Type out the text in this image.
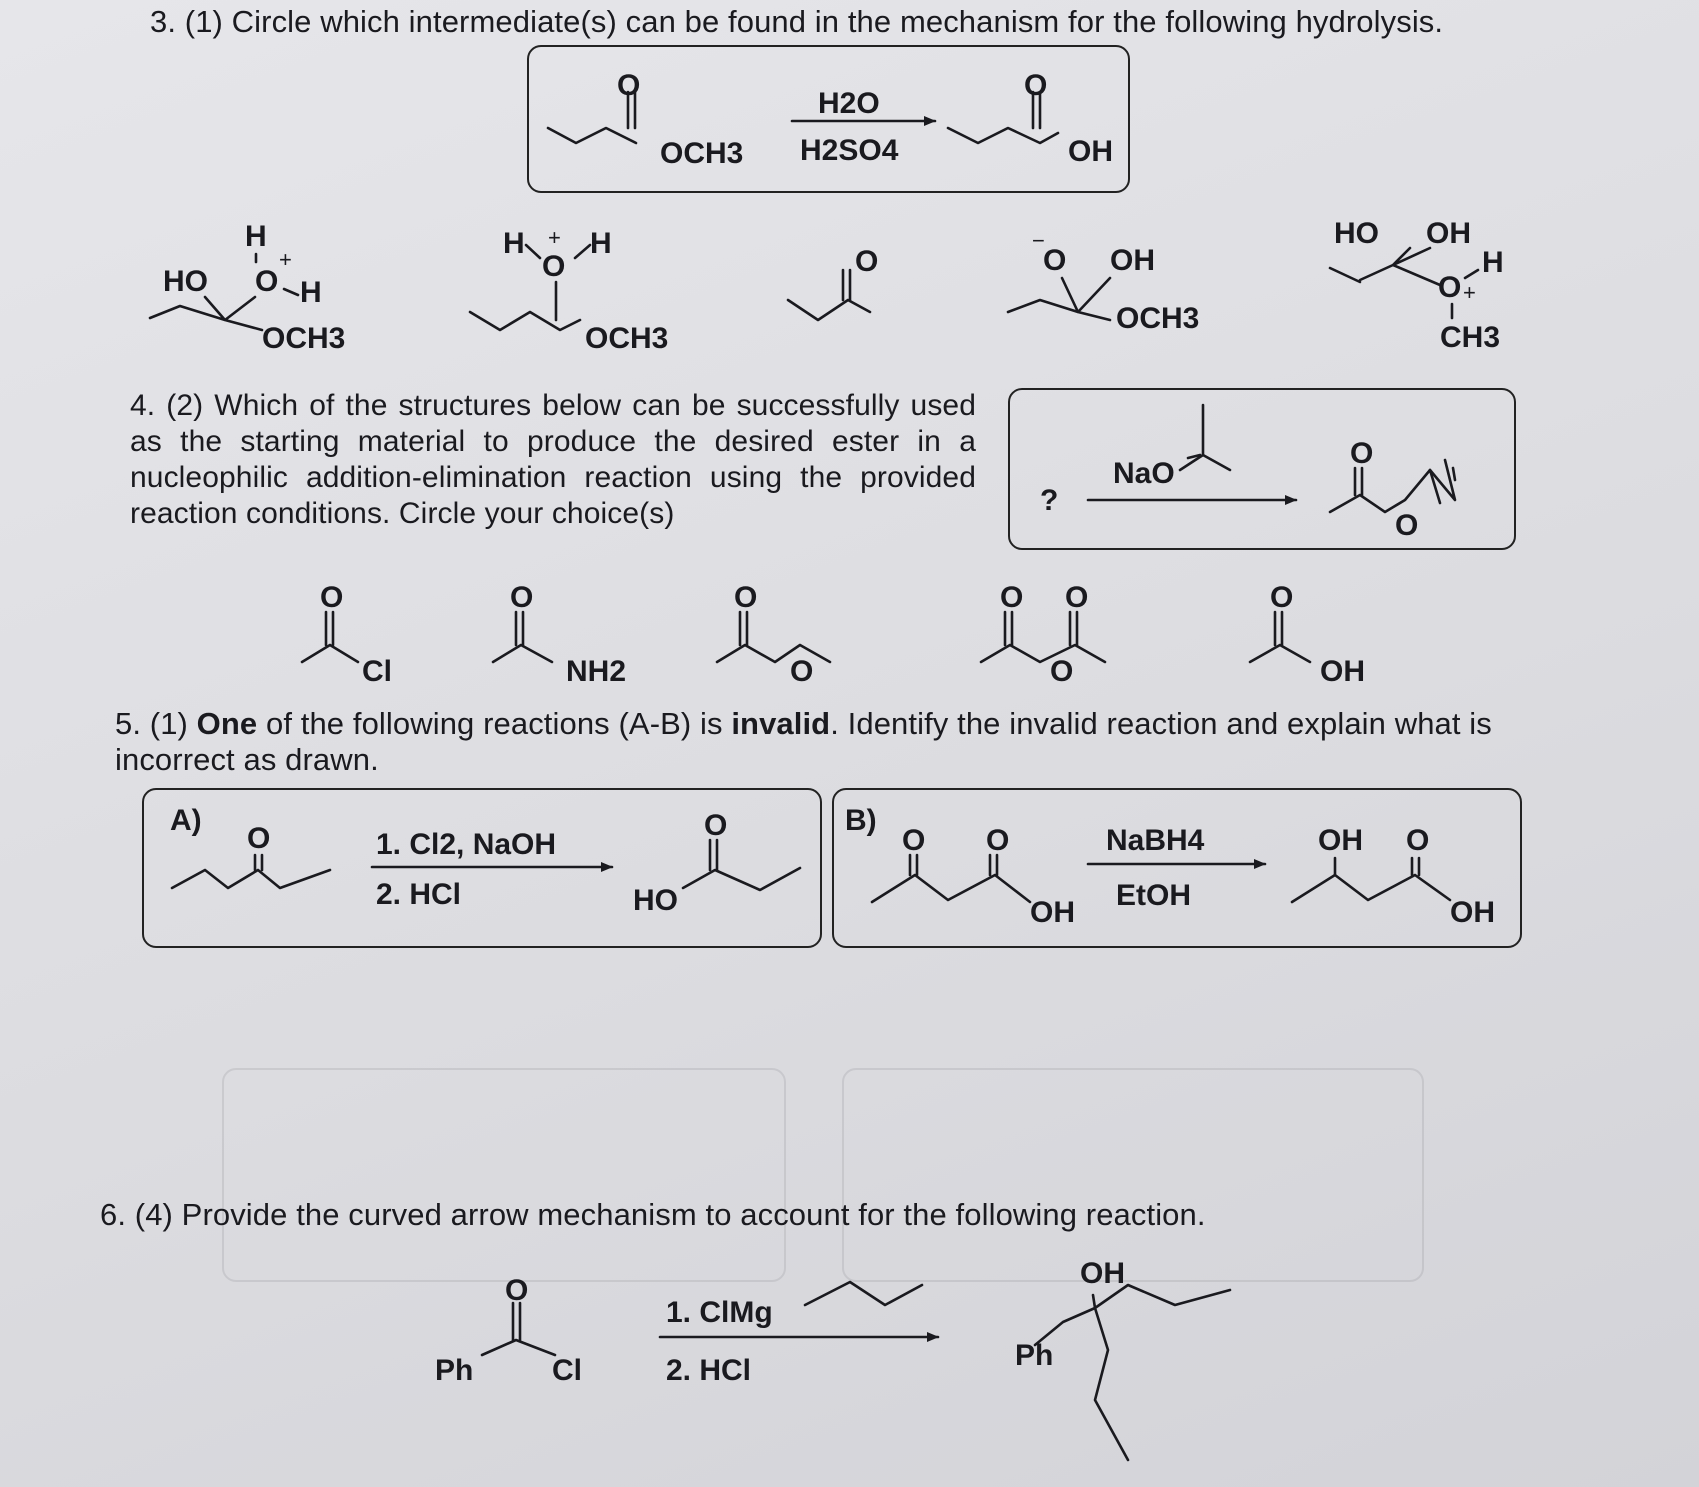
3. (1) Circle which intermediate(s) can be found in the mechanism for the following hydrolysis.
4. (2) Which of the structures below can be successfully used as the starting material to produce the desired ester in a nucleophilic addition-elimination reaction using the provided reaction conditions. Circle your choice(s)
5. (1) One of the following reactions (A-B) is invalid. Identify the invalid reaction and explain what is incorrect as drawn.
6. (4) Provide the curved arrow mechanism to account for the following reaction.
O
OCH3
H2O
H2SO4
O
OH
H
HO O
+
H
OCH3
H + H
O
OCH3
O
−
O OH
OCH3
HO OH
O +
H
CH3
?
NaO
O
O
O
Cl
O
NH2
O
O
O O
O
O
OH
A)
O	1. Cl2, NaOH
2. HCl	HO
O	B)
O O
OH
NaBH4
EtOH
OH O
OH
O
Ph	Cl
1. ClMg
2. HCl
OH
Ph
